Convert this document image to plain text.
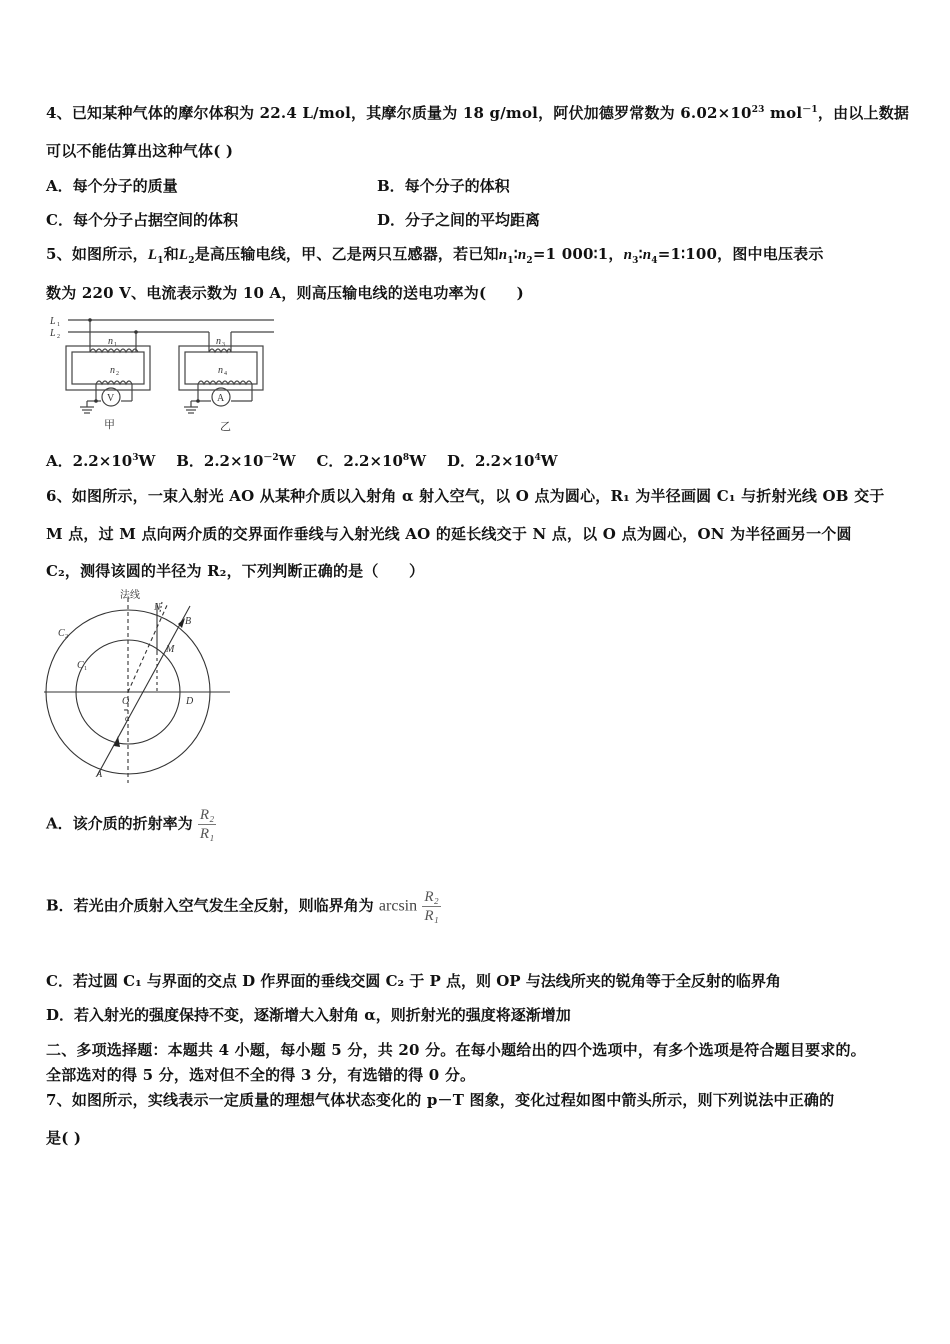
4、已知某种气体的摩尔体积为 22.4 L/mol，其摩尔质量为 18 g/mol，阿伏加德罗常数为 $6.02\times 10^{23}$ mol$^{-1}$，由以上数据
可以不能估算出这种气体( )
A．每个分子的质量	B．每个分子的体积
C．每个分子占据空间的体积	D．分子之间的平均距离
5、如图所示，$L_1$和$L_2$是高压输电线，甲、乙是两只互感器，若已知$n_1∶n_2=1$ 000∶1，$n_3∶n_4=1∶100$，图中电压表示
数为 220 V、电流表示数为 10 A，则高压输电线的送电功率为(　　)
L 1
L 2	n 1
n 2
n 3
n 4
V	A
甲	乙
A．$2.2\times 10^3W$ B．$2.2\times 10^{-2}W$ C．$2.2\times 10^8W$ D．$2.2\times 10^4W$
6、如图所示，一束入射光 AO 从某种介质以入射角 α 射入空气，以 O 点为圆心，R₁ 为半径画圆 C₁ 与折射光线 OB 交于
M 点，过 M 点向两介质的交界面作垂线与入射光线 AO 的延长线交于 N 点，以 O 点为圆心，ON 为半径画另一个圆
C₂，测得该圆的半径为 R₂，下列判断正确的是（　　）
法线
C 2
C 1
N
B
M
O	D
A
α
A．该介质的折射率为 $\frac{\text{R₂}}{\text{R₁}}$
B．若光由介质射入空气发生全反射，则临界角为 $\arcsin \frac{\text{R₂}}{\text{R₁}}$
C．若过圆 C₁ 与界面的交点 D 作界面的垂线交圆 C₂ 于 P 点，则 OP 与法线所夹的锐角等于全反射的临界角
D．若入射光的强度保持不变，逐渐增大入射角 α，则折射光的强度将逐渐增加
二、多项选择题：本题共 4 小题，每小题 5 分，共 20 分。在每小题给出的四个选项中，有多个选项是符合题目要求的。
全部选对的得 5 分，选对但不全的得 3 分，有选错的得 0 分。
7、如图所示，实线表示一定质量的理想气体状态变化的 p－T 图象，变化过程如图中箭头所示，则下列说法中正确的
是( )
